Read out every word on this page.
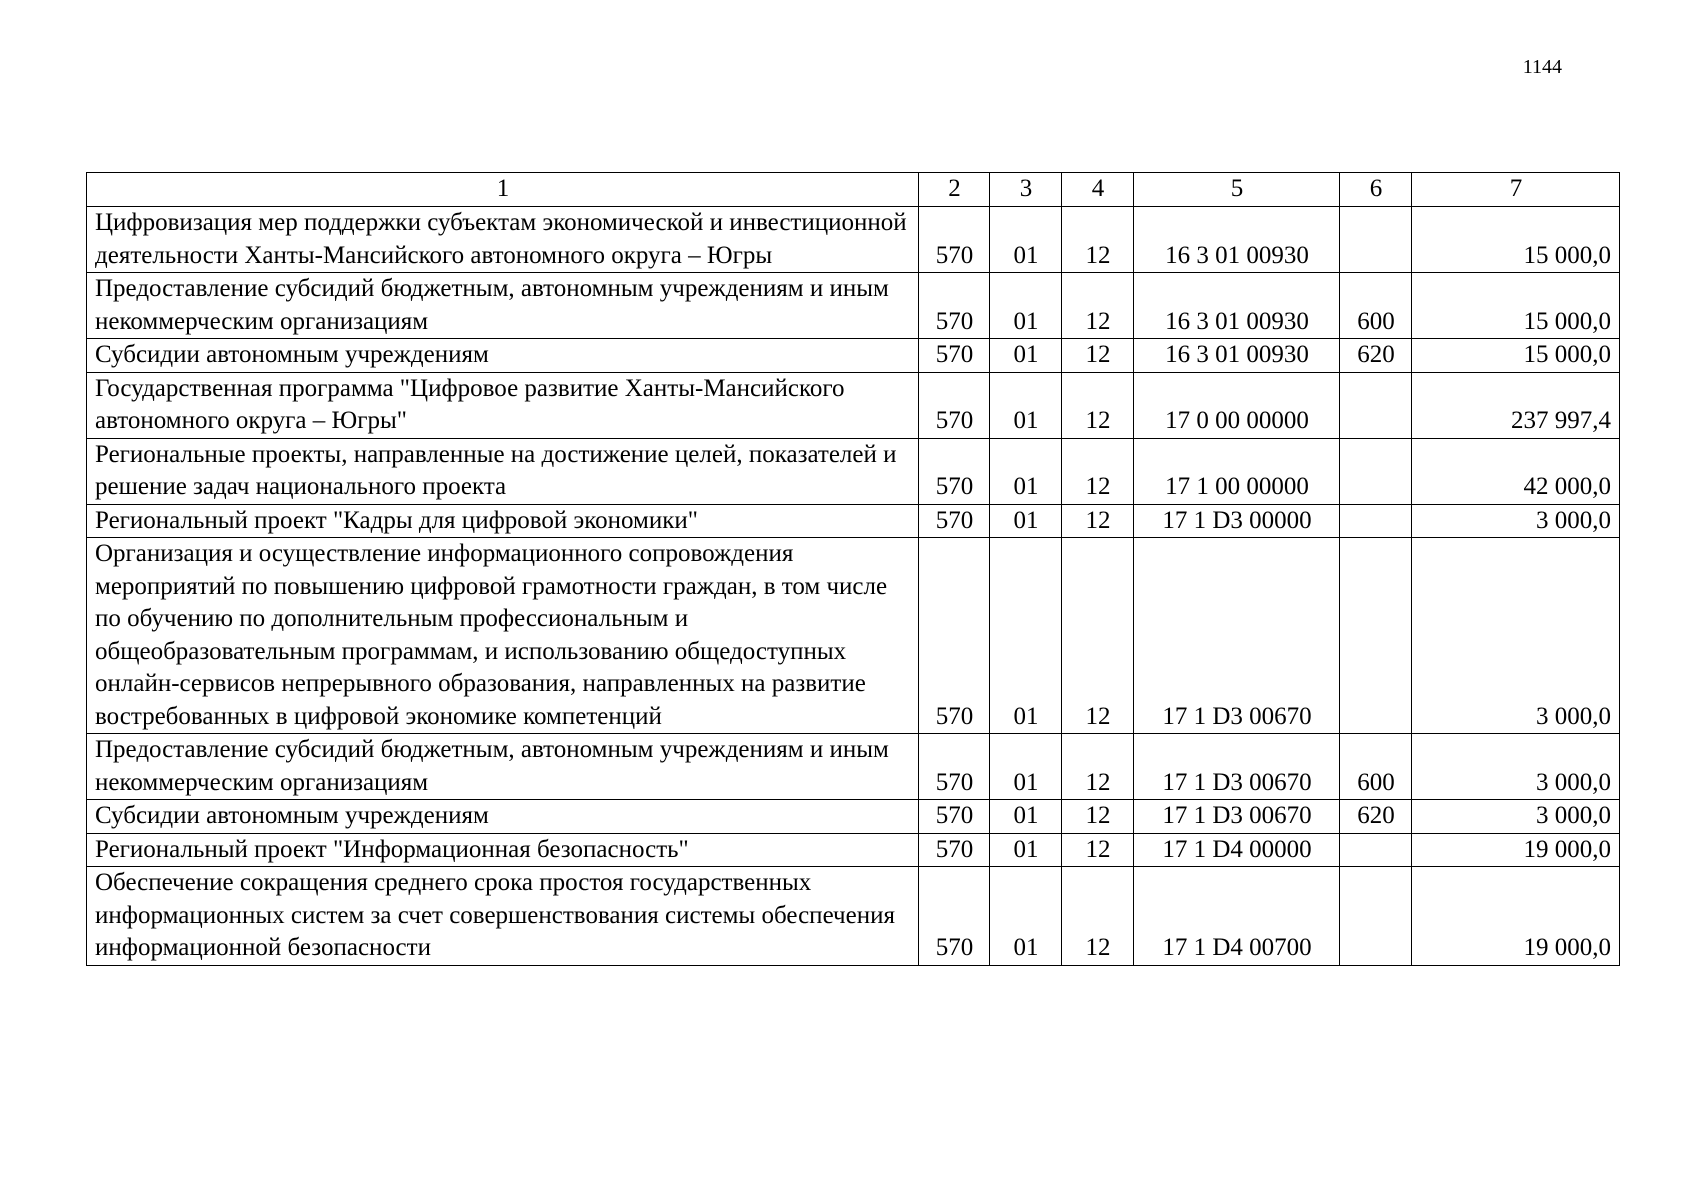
1144
1	2	3	4	5	6	7
Цифровизация мер поддержки субъектам экономической и инвестиционной деятельности Ханты-Мансийского автономного округа – Югры	570	01	12	16 3 01 00930		15 000,0
Предоставление субсидий бюджетным, автономным учреждениям и иным некоммерческим организациям	570	01	12	16 3 01 00930	600	15 000,0
Субсидии автономным учреждениям	570	01	12	16 3 01 00930	620	15 000,0
Государственная программа "Цифровое развитие Ханты-Мансийского автономного округа – Югры"	570	01	12	17 0 00 00000		237 997,4
Региональные проекты, направленные на достижение целей, показателей и решение задач национального проекта	570	01	12	17 1 00 00000		42 000,0
Региональный проект "Кадры для цифровой экономики"	570	01	12	17 1 D3 00000		3 000,0
Организация и осуществление информационного сопровождения мероприятий по повышению цифровой грамотности граждан, в том числе по обучению по дополнительным профессиональным и общеобразовательным программам, и использованию общедоступных онлайн-сервисов непрерывного образования, направленных на развитие востребованных в цифровой экономике компетенций	570	01	12	17 1 D3 00670		3 000,0
Предоставление субсидий бюджетным, автономным учреждениям и иным некоммерческим организациям	570	01	12	17 1 D3 00670	600	3 000,0
Субсидии автономным учреждениям	570	01	12	17 1 D3 00670	620	3 000,0
Региональный проект "Информационная безопасность"	570	01	12	17 1 D4 00000		19 000,0
Обеспечение сокращения среднего срока простоя государственных информационных систем за счет совершенствования системы обеспечения информационной безопасности	570	01	12	17 1 D4 00700		19 000,0
